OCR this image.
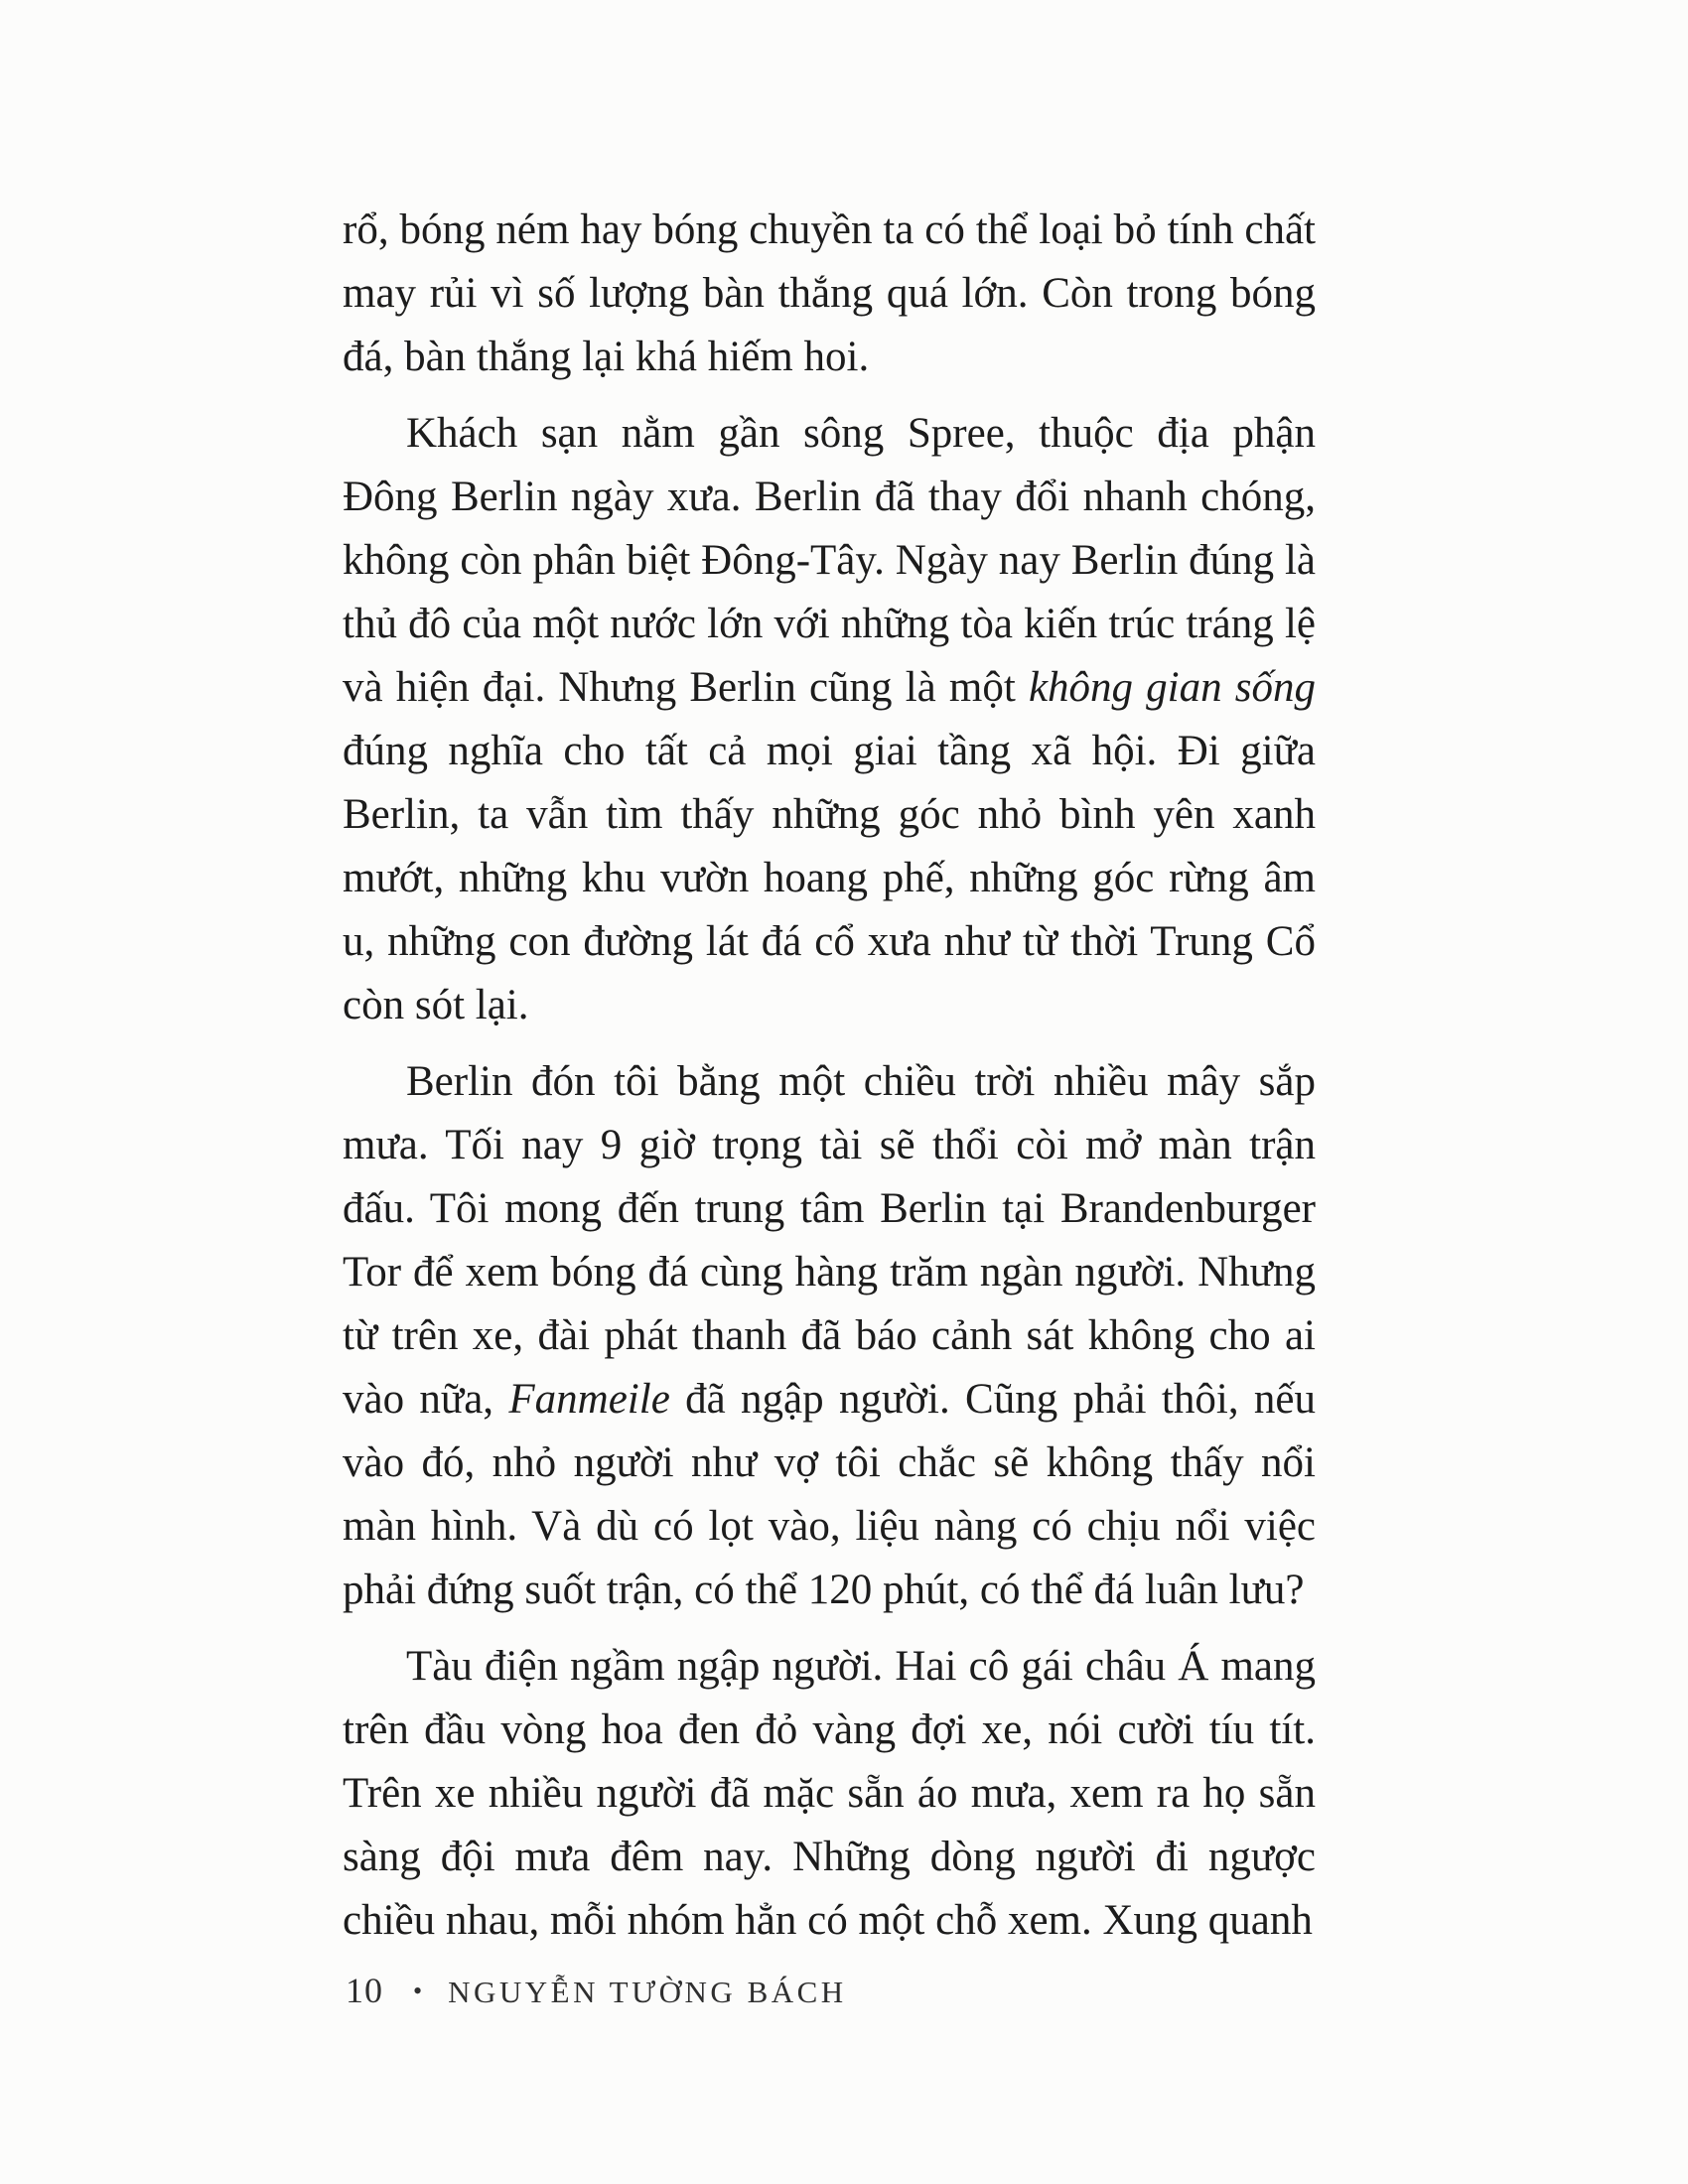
rổ, bóng ném hay bóng chuyền ta có thể loại bỏ tính chất may rủi vì số lượng bàn thắng quá lớn. Còn trong bóng đá, bàn thắng lại khá hiếm hoi.

Khách sạn nằm gần sông Spree, thuộc địa phận Đông Berlin ngày xưa. Berlin đã thay đổi nhanh chóng, không còn phân biệt Đông-Tây. Ngày nay Berlin đúng là thủ đô của một nước lớn với những tòa kiến trúc tráng lệ và hiện đại. Nhưng Berlin cũng là một không gian sống đúng nghĩa cho tất cả mọi giai tầng xã hội. Đi giữa Berlin, ta vẫn tìm thấy những góc nhỏ bình yên xanh mướt, những khu vườn hoang phế, những góc rừng âm u, những con đường lát đá cổ xưa như từ thời Trung Cổ còn sót lại.

Berlin đón tôi bằng một chiều trời nhiều mây sắp mưa. Tối nay 9 giờ trọng tài sẽ thổi còi mở màn trận đấu. Tôi mong đến trung tâm Berlin tại Brandenburger Tor để xem bóng đá cùng hàng trăm ngàn người. Nhưng từ trên xe, đài phát thanh đã báo cảnh sát không cho ai vào nữa, Fanmeile đã ngập người. Cũng phải thôi, nếu vào đó, nhỏ người như vợ tôi chắc sẽ không thấy nổi màn hình. Và dù có lọt vào, liệu nàng có chịu nổi việc phải đứng suốt trận, có thể 120 phút, có thể đá luân lưu?

Tàu điện ngầm ngập người. Hai cô gái châu Á mang trên đầu vòng hoa đen đỏ vàng đợi xe, nói cười tíu tít. Trên xe nhiều người đã mặc sẵn áo mưa, xem ra họ sẵn sàng đội mưa đêm nay. Những dòng người đi ngược chiều nhau, mỗi nhóm hẳn có một chỗ xem. Xung quanh

10 • NGUYỄN TƯỜNG BÁCH
